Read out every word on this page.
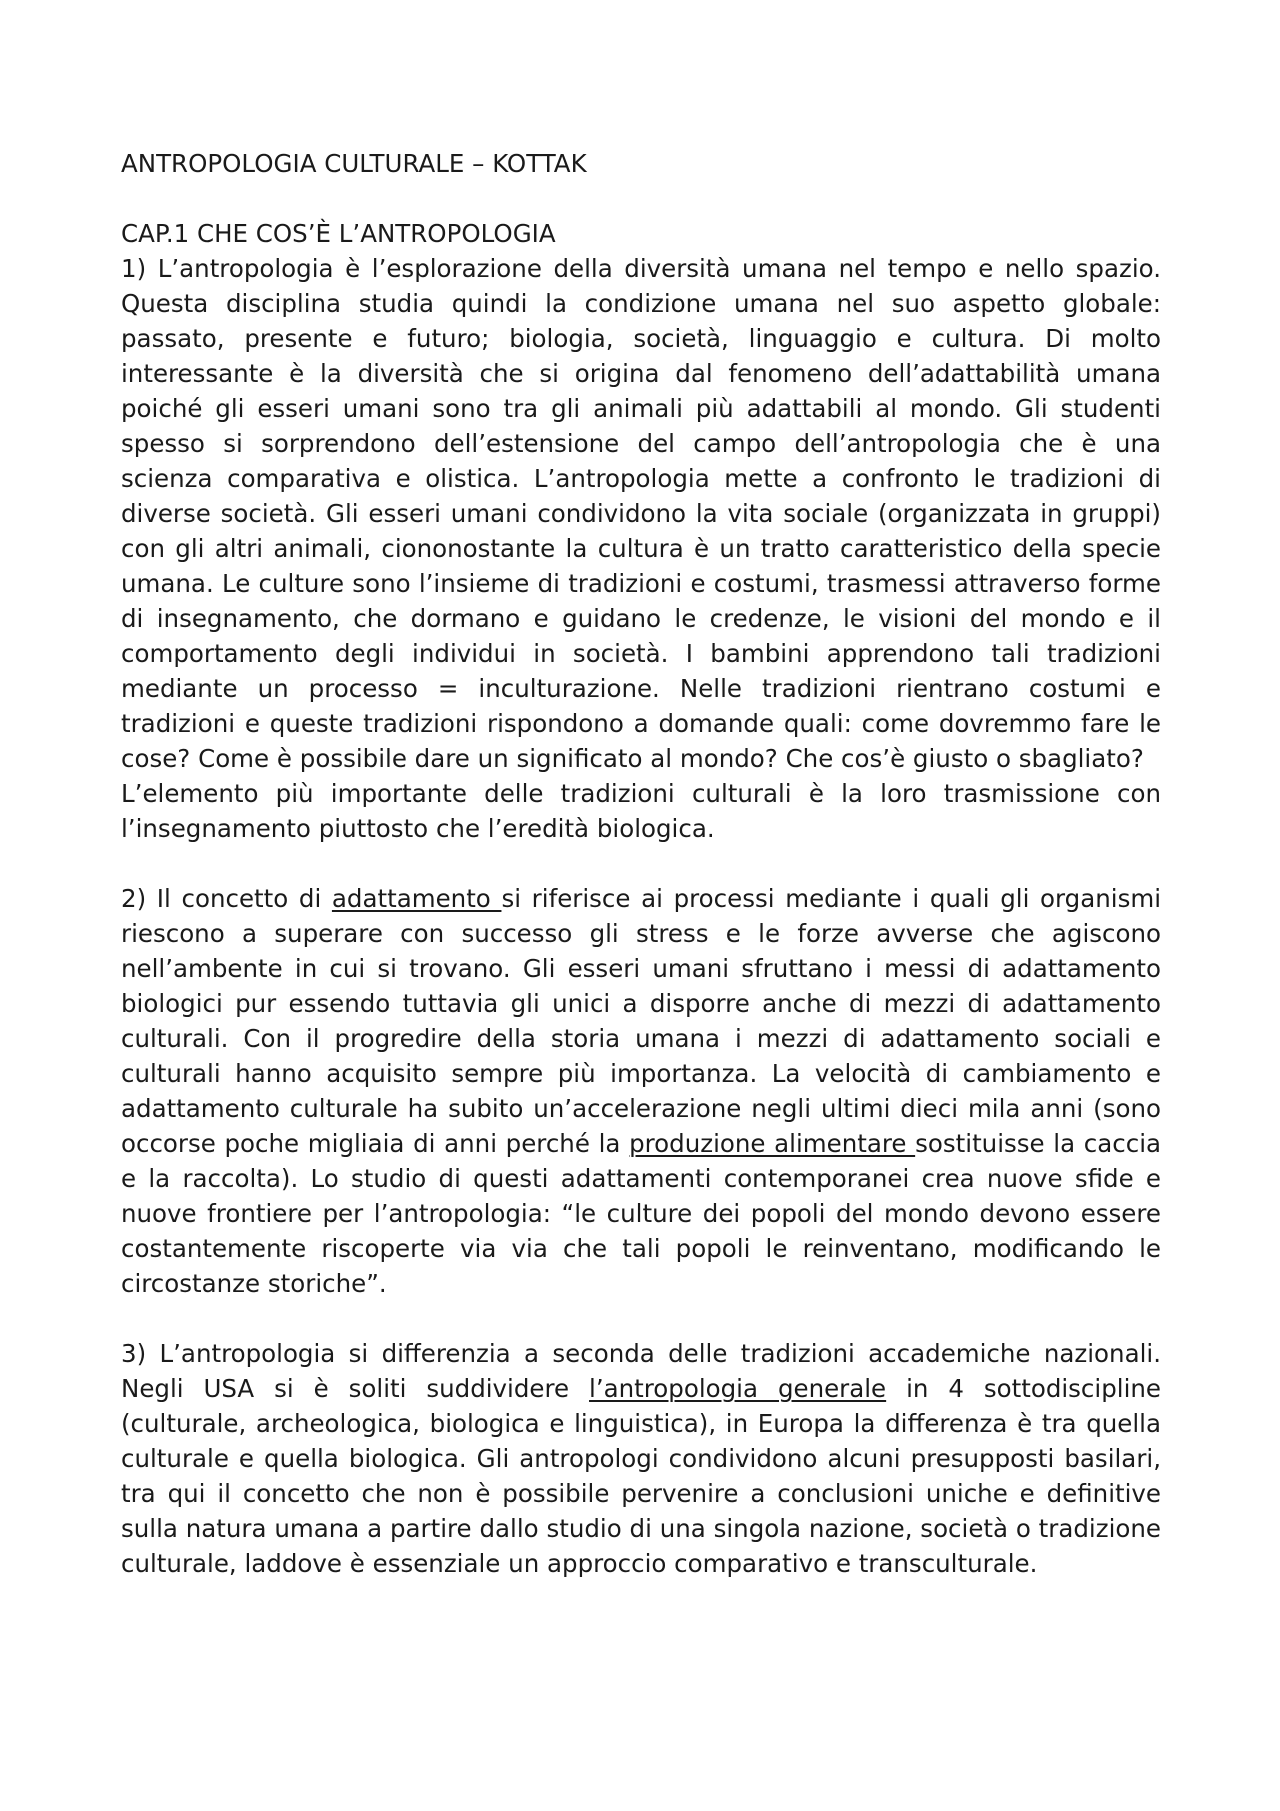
ANTROPOLOGIA CULTURALE – KOTTAK
CAP.1 CHE COS’È L’ANTROPOLOGIA

1) L’antropologia è l’esplorazione della diversità umana nel tempo e nello spazio. Questa disciplina studia quindi la condizione umana nel suo aspetto globale: passato, presente e futuro; biologia, società, linguaggio e cultura. Di molto interessante è la diversità che si origina dal fenomeno dell’adattabilità umana poiché gli esseri umani sono tra gli animali più adattabili al mondo. Gli studenti spesso si sorprendono dell’estensione del campo dell’antropologia che è una scienza comparativa e olistica. L’antropologia mette a confronto le tradizioni di diverse società. Gli esseri umani condividono la vita sociale (organizzata in gruppi) con gli altri animali, ciononostante la cultura è un tratto caratteristico della specie umana. Le culture sono l’insieme di tradizioni e costumi, trasmessi attraverso forme di insegnamento, che dormano e guidano le credenze, le visioni del mondo e il comportamento degli individui in società. I bambini apprendono tali tradizioni mediante un processo = inculturazione. Nelle tradizioni rientrano costumi e tradizioni e queste tradizioni rispondono a domande quali: come dovremmo fare le cose? Come è possibile dare un significato al mondo? Che cos’è giusto o sbagliato?

L’elemento più importante delle tradizioni culturali è la loro trasmissione con l’insegnamento piuttosto che l’eredità biologica.

2) Il concetto di adattamento si riferisce ai processi mediante i quali gli organismi riescono a superare con successo gli stress e le forze avverse che agiscono nell’ambente in cui si trovano. Gli esseri umani sfruttano i messi di adattamento biologici pur essendo tuttavia gli unici a disporre anche di mezzi di adattamento culturali. Con il progredire della storia umana i mezzi di adattamento sociali e culturali hanno acquisito sempre più importanza. La velocità di cambiamento e adattamento culturale ha subito un’accelerazione negli ultimi dieci mila anni (sono occorse poche migliaia di anni perché la produzione alimentare sostituisse la caccia e la raccolta). Lo studio di questi adattamenti contemporanei crea nuove sfide e nuove frontiere per l’antropologia: “le culture dei popoli del mondo devono essere costantemente riscoperte via via che tali popoli le reinventano, modificando le circostanze storiche”.

3) L’antropologia si differenzia a seconda delle tradizioni accademiche nazionali. Negli USA si è soliti suddividere l’antropologia generale in 4 sottodiscipline (culturale, archeologica, biologica e linguistica), in Europa la differenza è tra quella culturale e quella biologica. Gli antropologi condividono alcuni presupposti basilari, tra qui il concetto che non è possibile pervenire a conclusioni uniche e definitive sulla natura umana a partire dallo studio di una singola nazione, società o tradizione culturale, laddove è essenziale un approccio comparativo e transculturale.
